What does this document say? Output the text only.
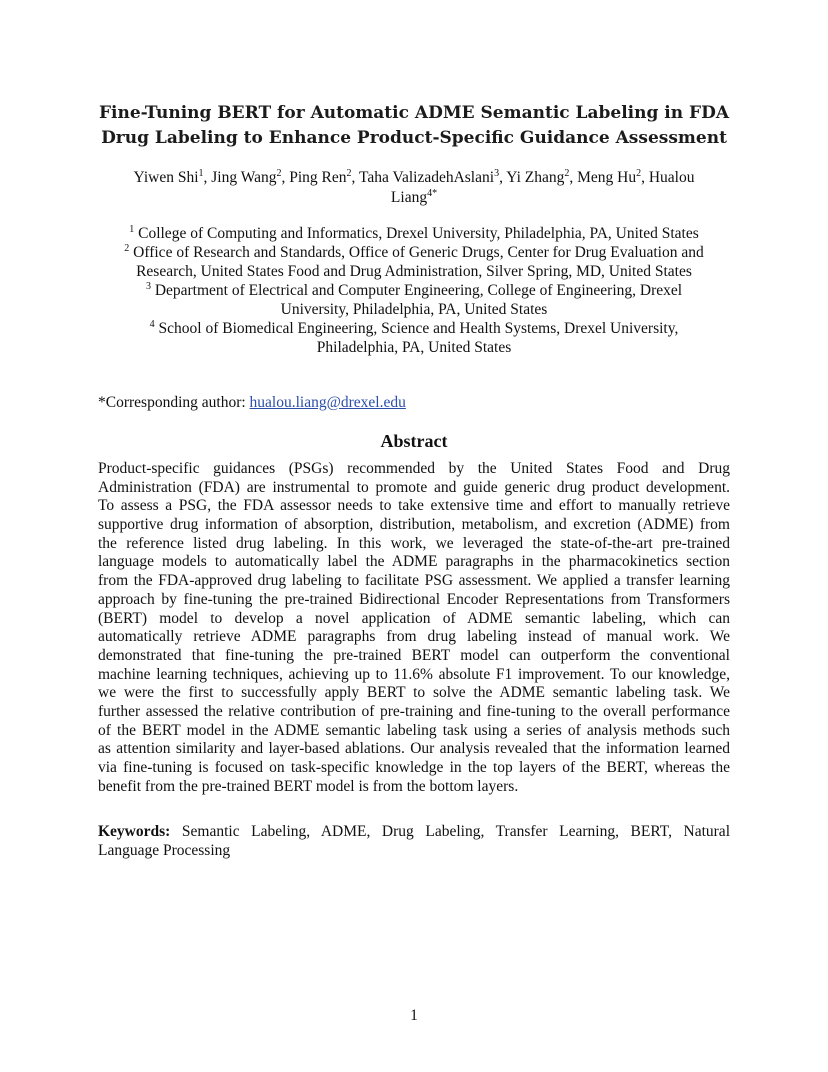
Fine-Tuning BERT for Automatic ADME Semantic Labeling in FDA
Drug Labeling to Enhance Product-Specific Guidance Assessment
Yiwen Shi$^1$, Jing Wang$^2$, Ping Ren$^2$, Taha ValizadehAslani$^3$, Yi Zhang$^2$, Meng Hu$^2$, Hualou
Liang$^{4*}$
$^1$ College of Computing and Informatics, Drexel University, Philadelphia, PA, United States
$^2$ Office of Research and Standards, Office of Generic Drugs, Center for Drug Evaluation and
Research, United States Food and Drug Administration, Silver Spring, MD, United States
$^3$ Department of Electrical and Computer Engineering, College of Engineering, Drexel
University, Philadelphia, PA, United States
$^4$ School of Biomedical Engineering, Science and Health Systems, Drexel University,
Philadelphia, PA, United States
*Corresponding author: hualou.liang@drexel.edu
Abstract
Product-specific guidances (PSGs) recommended by the United States Food and Drug
Administration (FDA) are instrumental to promote and guide generic drug product development.
To assess a PSG, the FDA assessor needs to take extensive time and effort to manually retrieve
supportive drug information of absorption, distribution, metabolism, and excretion (ADME) from
the reference listed drug labeling. In this work, we leveraged the state-of-the-art pre-trained
language models to automatically label the ADME paragraphs in the pharmacokinetics section
from the FDA-approved drug labeling to facilitate PSG assessment. We applied a transfer learning
approach by fine-tuning the pre-trained Bidirectional Encoder Representations from Transformers
(BERT) model to develop a novel application of ADME semantic labeling, which can
automatically retrieve ADME paragraphs from drug labeling instead of manual work. We
demonstrated that fine-tuning the pre-trained BERT model can outperform the conventional
machine learning techniques, achieving up to 11.6% absolute F1 improvement. To our knowledge,
we were the first to successfully apply BERT to solve the ADME semantic labeling task. We
further assessed the relative contribution of pre-training and fine-tuning to the overall performance
of the BERT model in the ADME semantic labeling task using a series of analysis methods such
as attention similarity and layer-based ablations. Our analysis revealed that the information learned
via fine-tuning is focused on task-specific knowledge in the top layers of the BERT, whereas the
benefit from the pre-trained BERT model is from the bottom layers.
Keywords: Semantic Labeling, ADME, Drug Labeling, Transfer Learning, BERT, Natural
Language Processing
1
